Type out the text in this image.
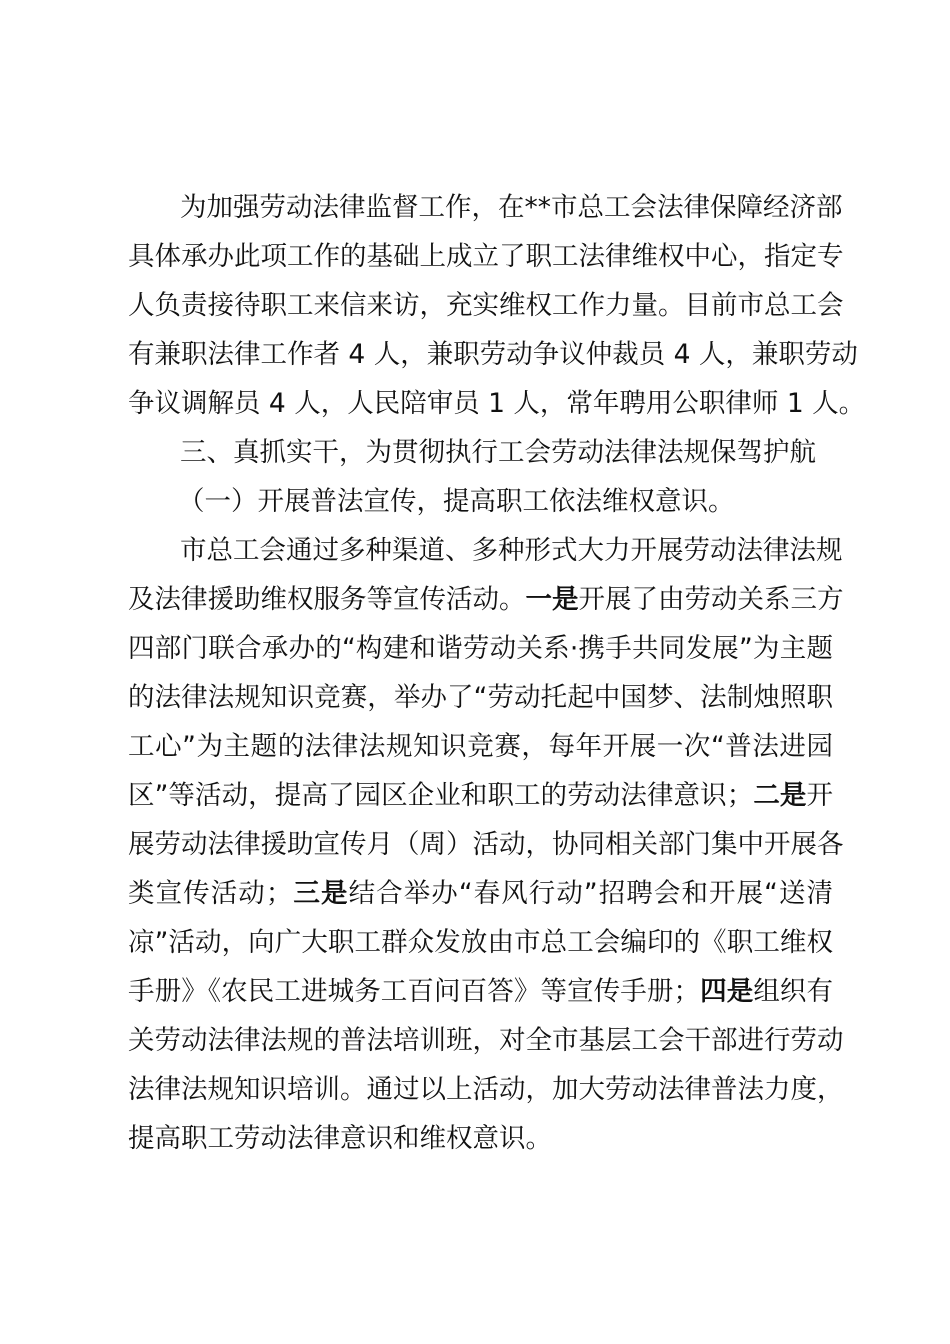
为加强劳动法律监督工作，在**市总工会法律保障经济部
具体承办此项工作的基础上成立了职工法律维权中心，指定专
人负责接待职工来信来访，充实维权工作力量。目前市总工会
有兼职法律工作者 4 人，兼职劳动争议仲裁员 4 人，兼职劳动
争议调解员 4 人，人民陪审员 1 人，常年聘用公职律师 1 人。
三、真抓实干，为贯彻执行工会劳动法律法规保驾护航
（一）开展普法宣传，提高职工依法维权意识。
市总工会通过多种渠道、多种形式大力开展劳动法律法规
及法律援助维权服务等宣传活动。一是开展了由劳动关系三方
四部门联合承办的“构建和谐劳动关系·携手共同发展”为主题
的法律法规知识竞赛，举办了“劳动托起中国梦、法制烛照职
工心”为主题的法律法规知识竞赛，每年开展一次“普法进园
区”等活动，提高了园区企业和职工的劳动法律意识；二是开
展劳动法律援助宣传月（周）活动，协同相关部门集中开展各
类宣传活动；三是结合举办“春风行动”招聘会和开展“送清
凉”活动，向广大职工群众发放由市总工会编印的《职工维权
手册》《农民工进城务工百问百答》等宣传手册；四是组织有
关劳动法律法规的普法培训班，对全市基层工会干部进行劳动
法律法规知识培训。通过以上活动，加大劳动法律普法力度，
提高职工劳动法律意识和维权意识。
